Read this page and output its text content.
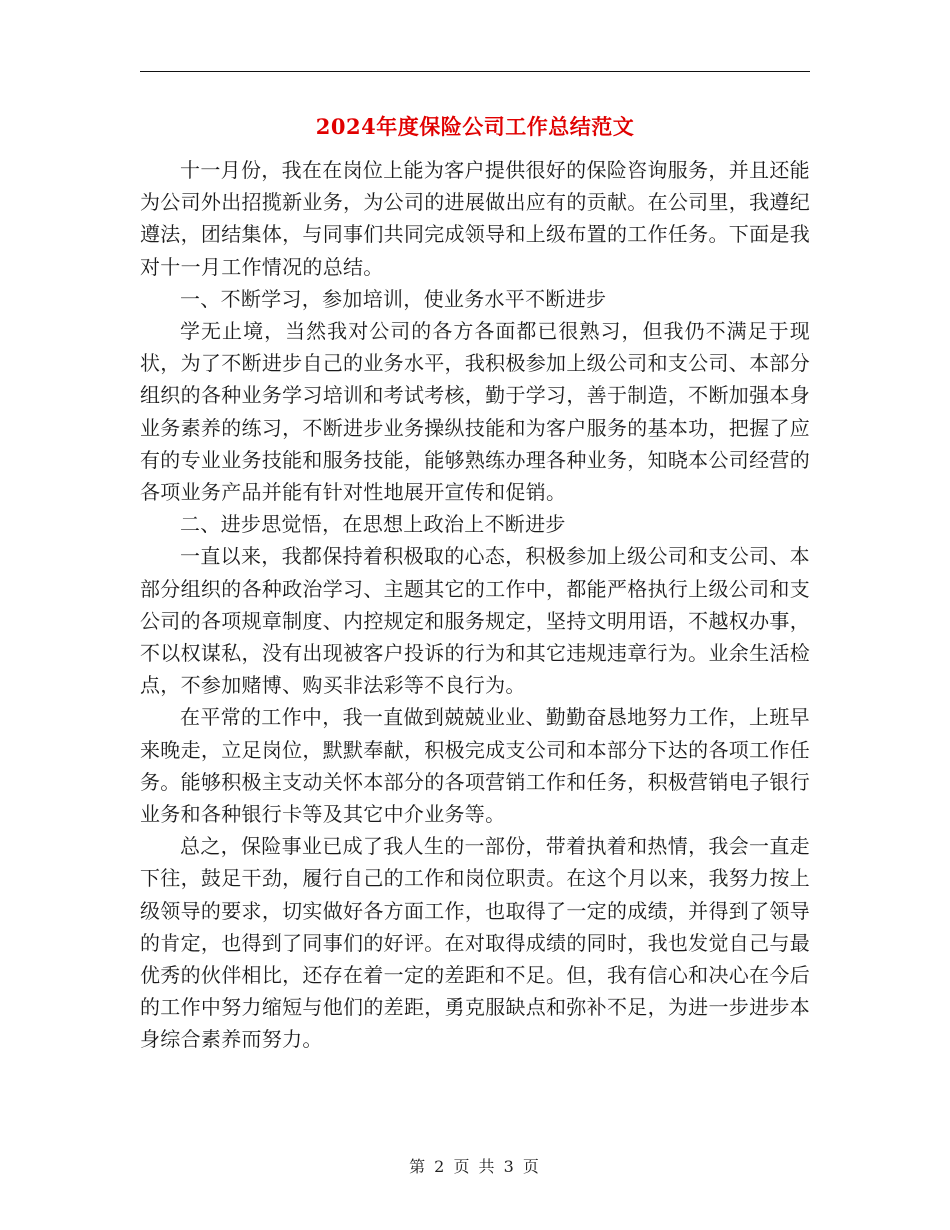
2024年度保险公司工作总结范文

十一月份，我在在岗位上能为客户提供很好的保险咨询服务，并且还能为公司外出招揽新业务，为公司的进展做出应有的贡献。在公司里，我遵纪遵法，团结集体，与同事们共同完成领导和上级布置的工作任务。下面是我对十一月工作情况的总结。

一、不断学习，参加培训，使业务水平不断进步

学无止境，当然我对公司的各方各面都已很熟习，但我仍不满足于现状，为了不断进步自己的业务水平，我积极参加上级公司和支公司、本部分组织的各种业务学习培训和考试考核，勤于学习，善于制造，不断加强本身业务素养的练习，不断进步业务操纵技能和为客户服务的基本功，把握了应有的专业业务技能和服务技能，能够熟练办理各种业务，知晓本公司经营的各项业务产品并能有针对性地展开宣传和促销。

二、进步思觉悟，在思想上政治上不断进步

一直以来，我都保持着积极取的心态，积极参加上级公司和支公司、本部分组织的各种政治学习、主题其它的工作中，都能严格执行上级公司和支公司的各项规章制度、内控规定和服务规定，坚持文明用语，不越权办事，不以权谋私，没有出现被客户投诉的行为和其它违规违章行为。业余生活检点，不参加赌博、购买非法彩等不良行为。

在平常的工作中，我一直做到兢兢业业、勤勤奋恳地努力工作，上班早来晚走，立足岗位，默默奉献，积极完成支公司和本部分下达的各项工作任务。能够积极主支动关怀本部分的各项营销工作和任务，积极营销电子银行业务和各种银行卡等及其它中介业务等。

总之，保险事业已成了我人生的一部份，带着执着和热情，我会一直走下往，鼓足干劲，履行自己的工作和岗位职责。在这个月以来，我努力按上级领导的要求，切实做好各方面工作，也取得了一定的成绩，并得到了领导的肯定，也得到了同事们的好评。在对取得成绩的同时，我也发觉自己与最优秀的伙伴相比，还存在着一定的差距和不足。但，我有信心和决心在今后的工作中努力缩短与他们的差距，勇克服缺点和弥补不足，为进一步进步本身综合素养而努力。

第 2 页 共 3 页
